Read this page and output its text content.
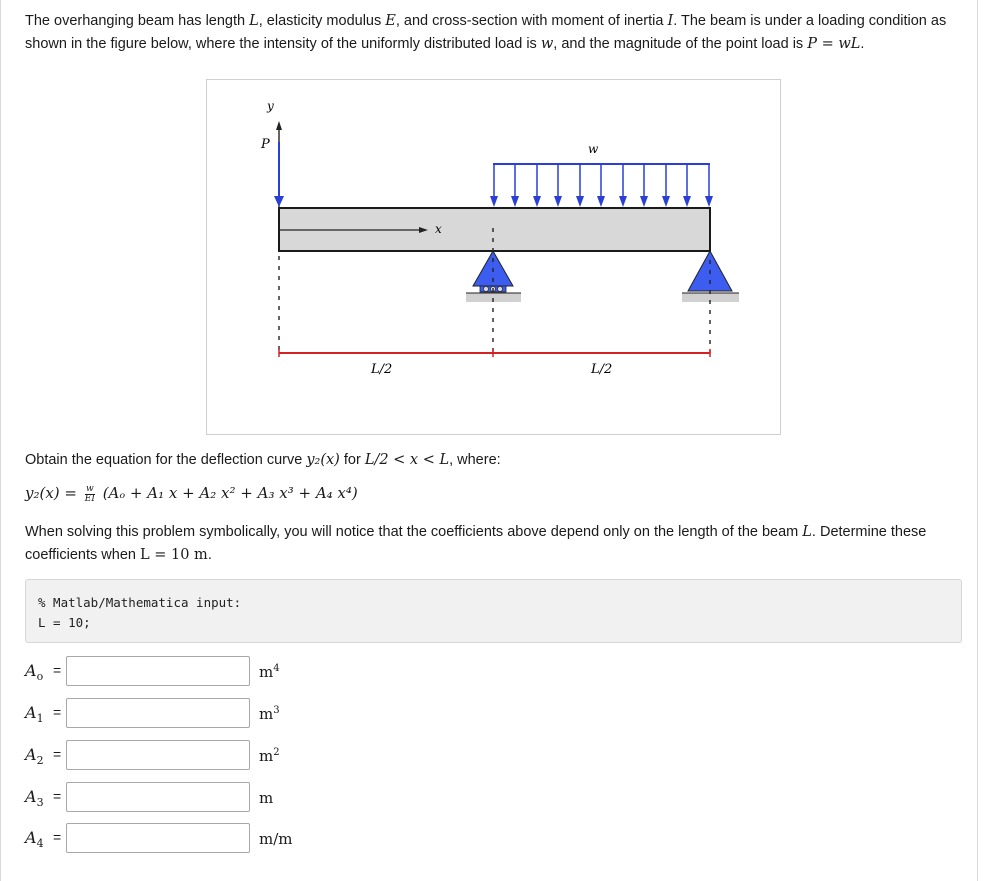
The overhanging beam has length L, elasticity modulus E, and cross-section with moment of inertia I. The beam is under a loading condition as shown in the figure below, where the intensity of the uniformly distributed load is w, and the magnitude of the point load is P = wL.
y
P	w
x
L/2	L/2
Obtain the equation for the deflection curve y₂(x) for L/2 < x < L, where:
$y_2(x) = \frac{w}{EI} (A_o + A_1$ x + A₂ x² + A₃ x³ + A₄ x⁴)
When solving this problem symbolically, you will notice that the coefficients above depend only on the length of the beam L. Determine these coefficients when L = 10 m.
% Matlab/Mathematica input:
L = 10;
$A_o$ =	$m^4$
$A_1$ =	$m^3$
$A_2$ =	$m^2$
$A_3$ =	m
$A_4$ =	m/m
